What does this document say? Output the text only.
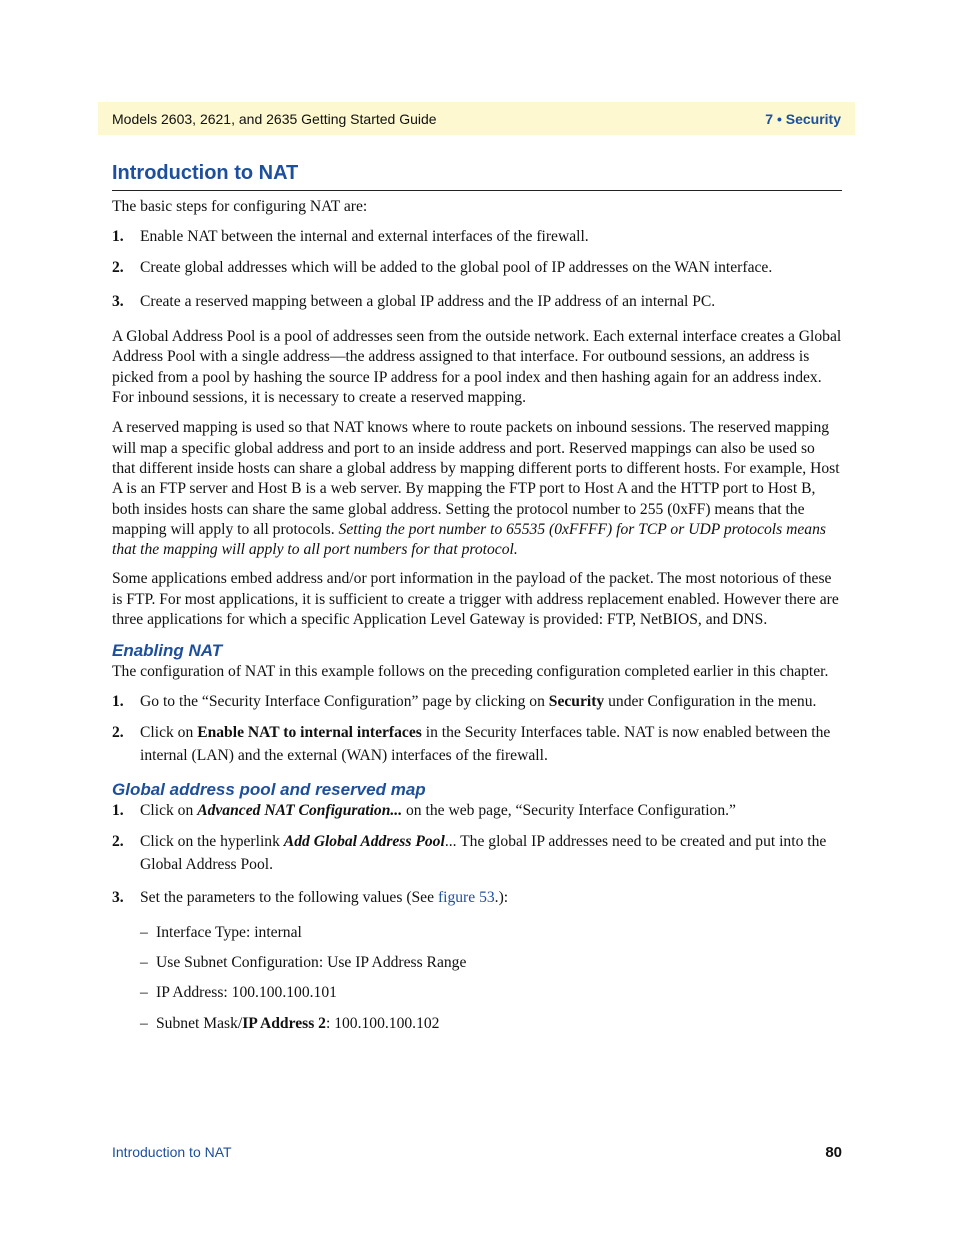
Models 2603, 2621, and 2635 Getting Started Guide	7 • Security
Introduction to NAT

The basic steps for configuring NAT are:

1. Enable NAT between the internal and external interfaces of the firewall.
2. Create global addresses which will be added to the global pool of IP addresses on the WAN interface.
3. Create a reserved mapping between a global IP address and the IP address of an internal PC.

A Global Address Pool is a pool of addresses seen from the outside network. Each external interface creates a Global Address Pool with a single address—the address assigned to that interface. For outbound sessions, an address is picked from a pool by hashing the source IP address for a pool index and then hashing again for an address index. For inbound sessions, it is necessary to create a reserved mapping.

A reserved mapping is used so that NAT knows where to route packets on inbound sessions. The reserved mapping will map a specific global address and port to an inside address and port. Reserved mappings can also be used so that different inside hosts can share a global address by mapping different ports to different hosts. For example, Host A is an FTP server and Host B is a web server. By mapping the FTP port to Host A and the HTTP port to Host B, both insides hosts can share the same global address. Setting the protocol number to 255 (0xFF) means that the mapping will apply to all protocols. Setting the port number to 65535 (0xFFFF) for TCP or UDP protocols means that the mapping will apply to all port numbers for that protocol.

Some applications embed address and/or port information in the payload of the packet. The most notorious of these is FTP. For most applications, it is sufficient to create a trigger with address replacement enabled. However there are three applications for which a specific Application Level Gateway is provided: FTP, NetBIOS, and DNS.

Enabling NAT

The configuration of NAT in this example follows on the preceding configuration completed earlier in this chapter.

1. Go to the “Security Interface Configuration” page by clicking on Security under Configuration in the menu.
2. Click on Enable NAT to internal interfaces in the Security Interfaces table. NAT is now enabled between the internal (LAN) and the external (WAN) interfaces of the firewall.
Global address pool and reserved map
1. Click on Advanced NAT Configuration... on the web page, “Security Interface Configuration.”
2. Click on the hyperlink Add Global Address Pool... The global IP addresses need to be created and put into the Global Address Pool.
3. Set the parameters to the following values (See figure 53.):
– Interface Type: internal
– Use Subnet Configuration: Use IP Address Range
– IP Address: 100.100.100.101
– Subnet Mask/IP Address 2: 100.100.100.102
Introduction to NAT	80
